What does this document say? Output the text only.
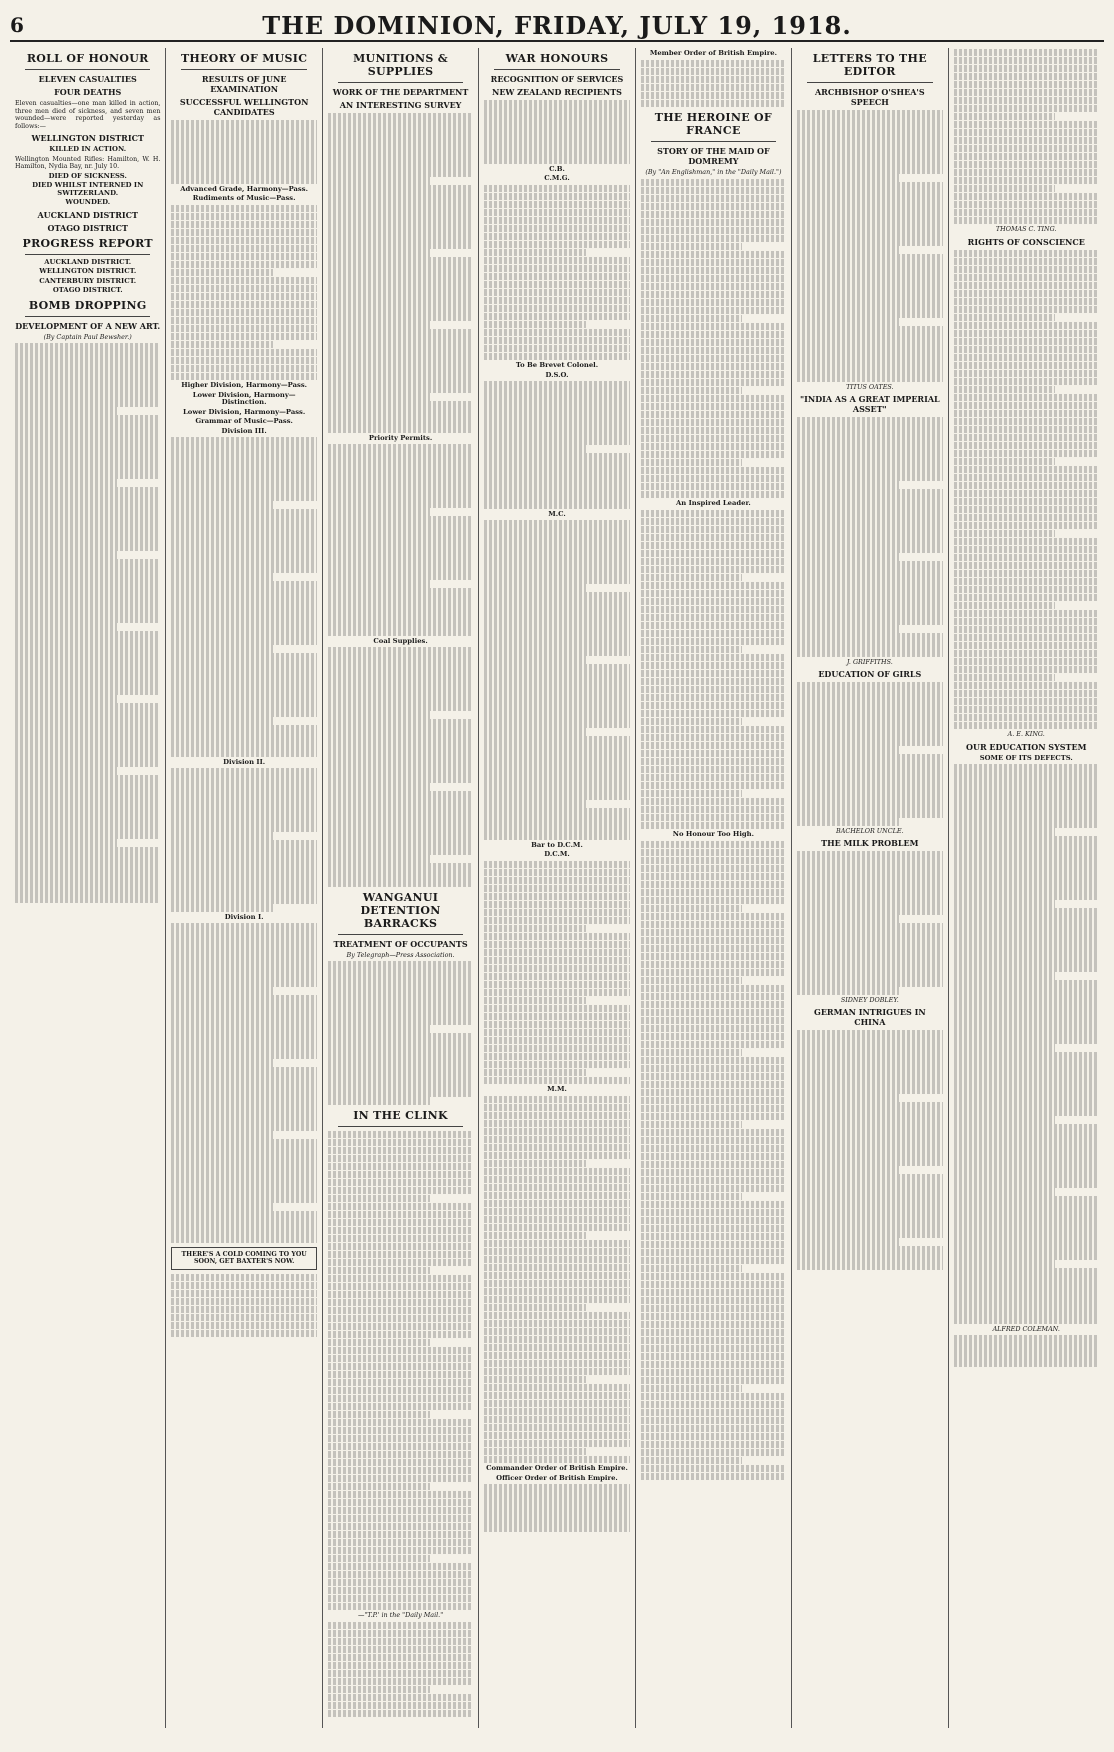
6	THE DOMINION, FRIDAY, JULY 19, 1918.
ROLL OF HONOUR
ELEVEN CASUALTIES
FOUR DEATHS
Eleven casualties—one man killed in action, three men died of sickness, and seven men wounded—were reported yesterday as follows:—
WELLINGTON DISTRICT
KILLED IN ACTION.
Wellington Mounted Rifles: Hamilton, W. H. Hamilton, Nydia Bay, nr. July 10.
DIED OF SICKNESS.
DIED WHILST INTERNED IN SWITZERLAND.
WOUNDED.
AUCKLAND DISTRICT
OTAGO DISTRICT
PROGRESS REPORT
AUCKLAND DISTRICT.
WELLINGTON DISTRICT.
CANTERBURY DISTRICT.
OTAGO DISTRICT.
BOMB DROPPING
DEVELOPMENT OF A NEW ART.
(By Captain Paul Bewsher.)
THEORY OF MUSIC
RESULTS OF JUNE EXAMINATION
SUCCESSFUL WELLINGTON CANDIDATES
Advanced Grade, Harmony—Pass.
Rudiments of Music—Pass.
Higher Division, Harmony—Pass.
Lower Division, Harmony—Distinction.
Lower Division, Harmony—Pass.
Grammar of Music—Pass.
Division III.
Division II.
Division I.
THERE'S A COLD COMING TO YOU SOON, GET BAXTER'S NOW.
MUNITIONS & SUPPLIES
WORK OF THE DEPARTMENT
AN INTERESTING SURVEY
Priority Permits.
Coal Supplies.
WANGANUI DETENTION BARRACKS
TREATMENT OF OCCUPANTS
By Telegraph—Press Association.
IN THE CLINK
—"T.P.' in the "Daily Mail."
WAR HONOURS
RECOGNITION OF SERVICES
NEW ZEALAND RECIPIENTS
C.B.
C.M.G.
To Be Brevet Colonel.
D.S.O.
M.C.
Bar to D.C.M.
D.C.M.
M.M.
Commander Order of British Empire.
Officer Order of British Empire.
Member Order of British Empire.
THE HEROINE OF FRANCE
STORY OF THE MAID OF DOMREMY
(By "An Englishman," in the "Daily Mail.")
An Inspired Leader.
No Honour Too High.
LETTERS TO THE EDITOR
ARCHBISHOP O'SHEA'S SPEECH
TITUS OATES.
"INDIA AS A GREAT IMPERIAL ASSET"
J. GRIFFITHS.
EDUCATION OF GIRLS
BACHELOR UNCLE.
THE MILK PROBLEM
SIDNEY DOBLEY.
GERMAN INTRIGUES IN CHINA
THOMAS C. TING.
RIGHTS OF CONSCIENCE
A. E. KING.
OUR EDUCATION SYSTEM
SOME OF ITS DEFECTS.
ALFRED COLEMAN.
